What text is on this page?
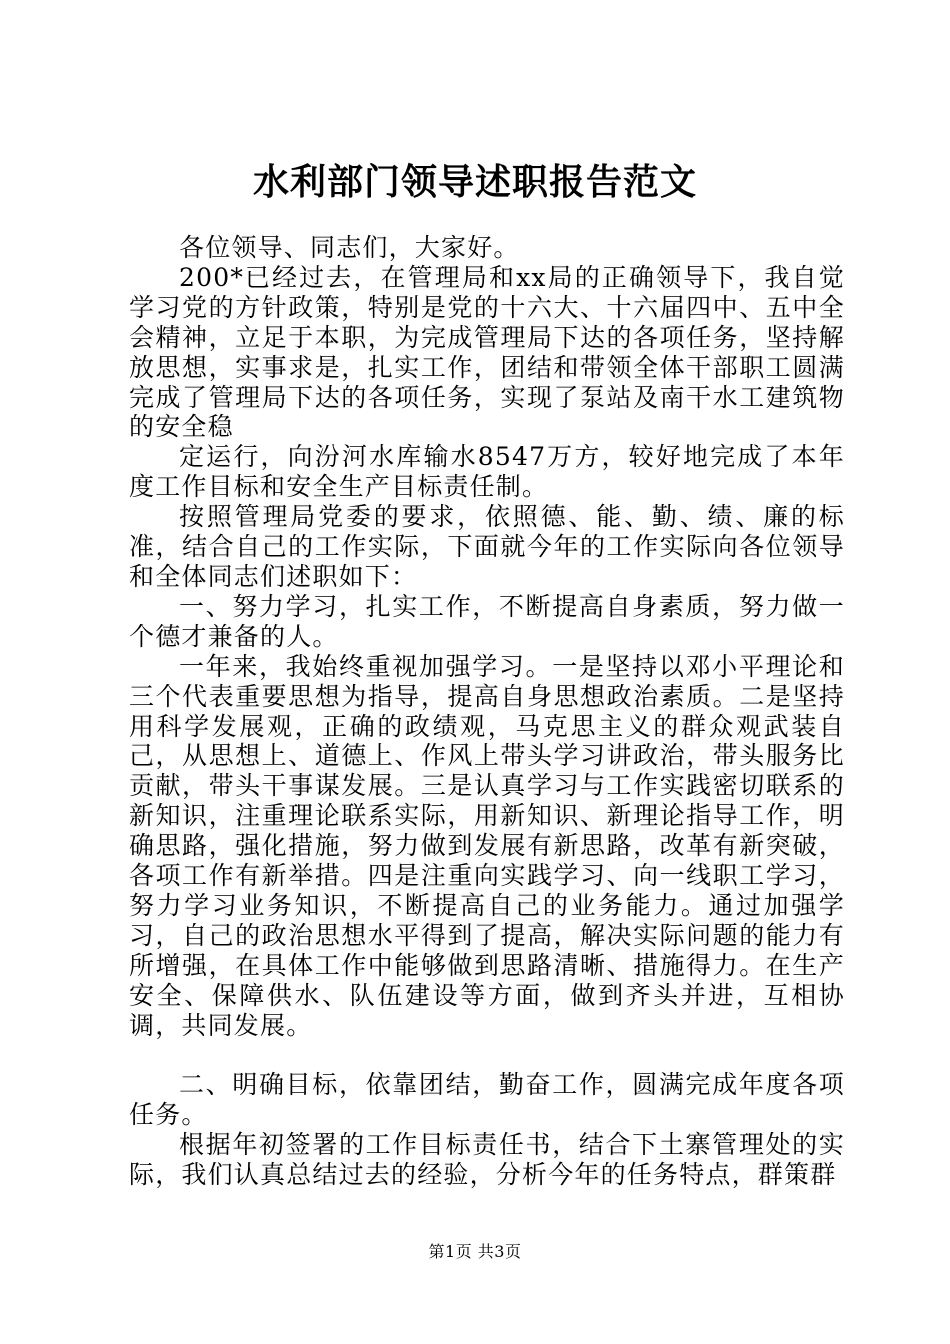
水利部门领导述职报告范文

各位领导、同志们，大家好。

200*已经过去，在管理局和xx局的正确领导下，我自觉学习党的方针政策，特别是党的十六大、十六届四中、五中全会精神，立足于本职，为完成管理局下达的各项任务，坚持解放思想，实事求是，扎实工作，团结和带领全体干部职工圆满完成了管理局下达的各项任务，实现了泵站及南干水工建筑物的安全稳

定运行，向汾河水库输水8547万方，较好地完成了本年度工作目标和安全生产目标责任制。

按照管理局党委的要求，依照德、能、勤、绩、廉的标准，结合自己的工作实际，下面就今年的工作实际向各位领导和全体同志们述职如下：

一、努力学习，扎实工作，不断提高自身素质，努力做一个德才兼备的人。

一年来，我始终重视加强学习。一是坚持以邓小平理论和三个代表重要思想为指导，提高自身思想政治素质。二是坚持用科学发展观，正确的政绩观，马克思主义的群众观武装自己，从思想上、道德上、作风上带头学习讲政治，带头服务比贡献，带头干事谋发展。三是认真学习与工作实践密切联系的新知识，注重理论联系实际，用新知识、新理论指导工作，明确思路，强化措施，努力做到发展有新思路，改革有新突破，各项工作有新举措。四是注重向实践学习、向一线职工学习，努力学习业务知识，不断提高自己的业务能力。通过加强学习，自己的政治思想水平得到了提高，解决实际问题的能力有所增强，在具体工作中能够做到思路清晰、措施得力。在生产安全、保障供水、队伍建设等方面，做到齐头并进，互相协调，共同发展。

二、明确目标，依靠团结，勤奋工作，圆满完成年度各项任务。

根据年初签署的工作目标责任书，结合下土寨管理处的实际，我们认真总结过去的经验，分析今年的任务特点，群策群

第1页 共3页
